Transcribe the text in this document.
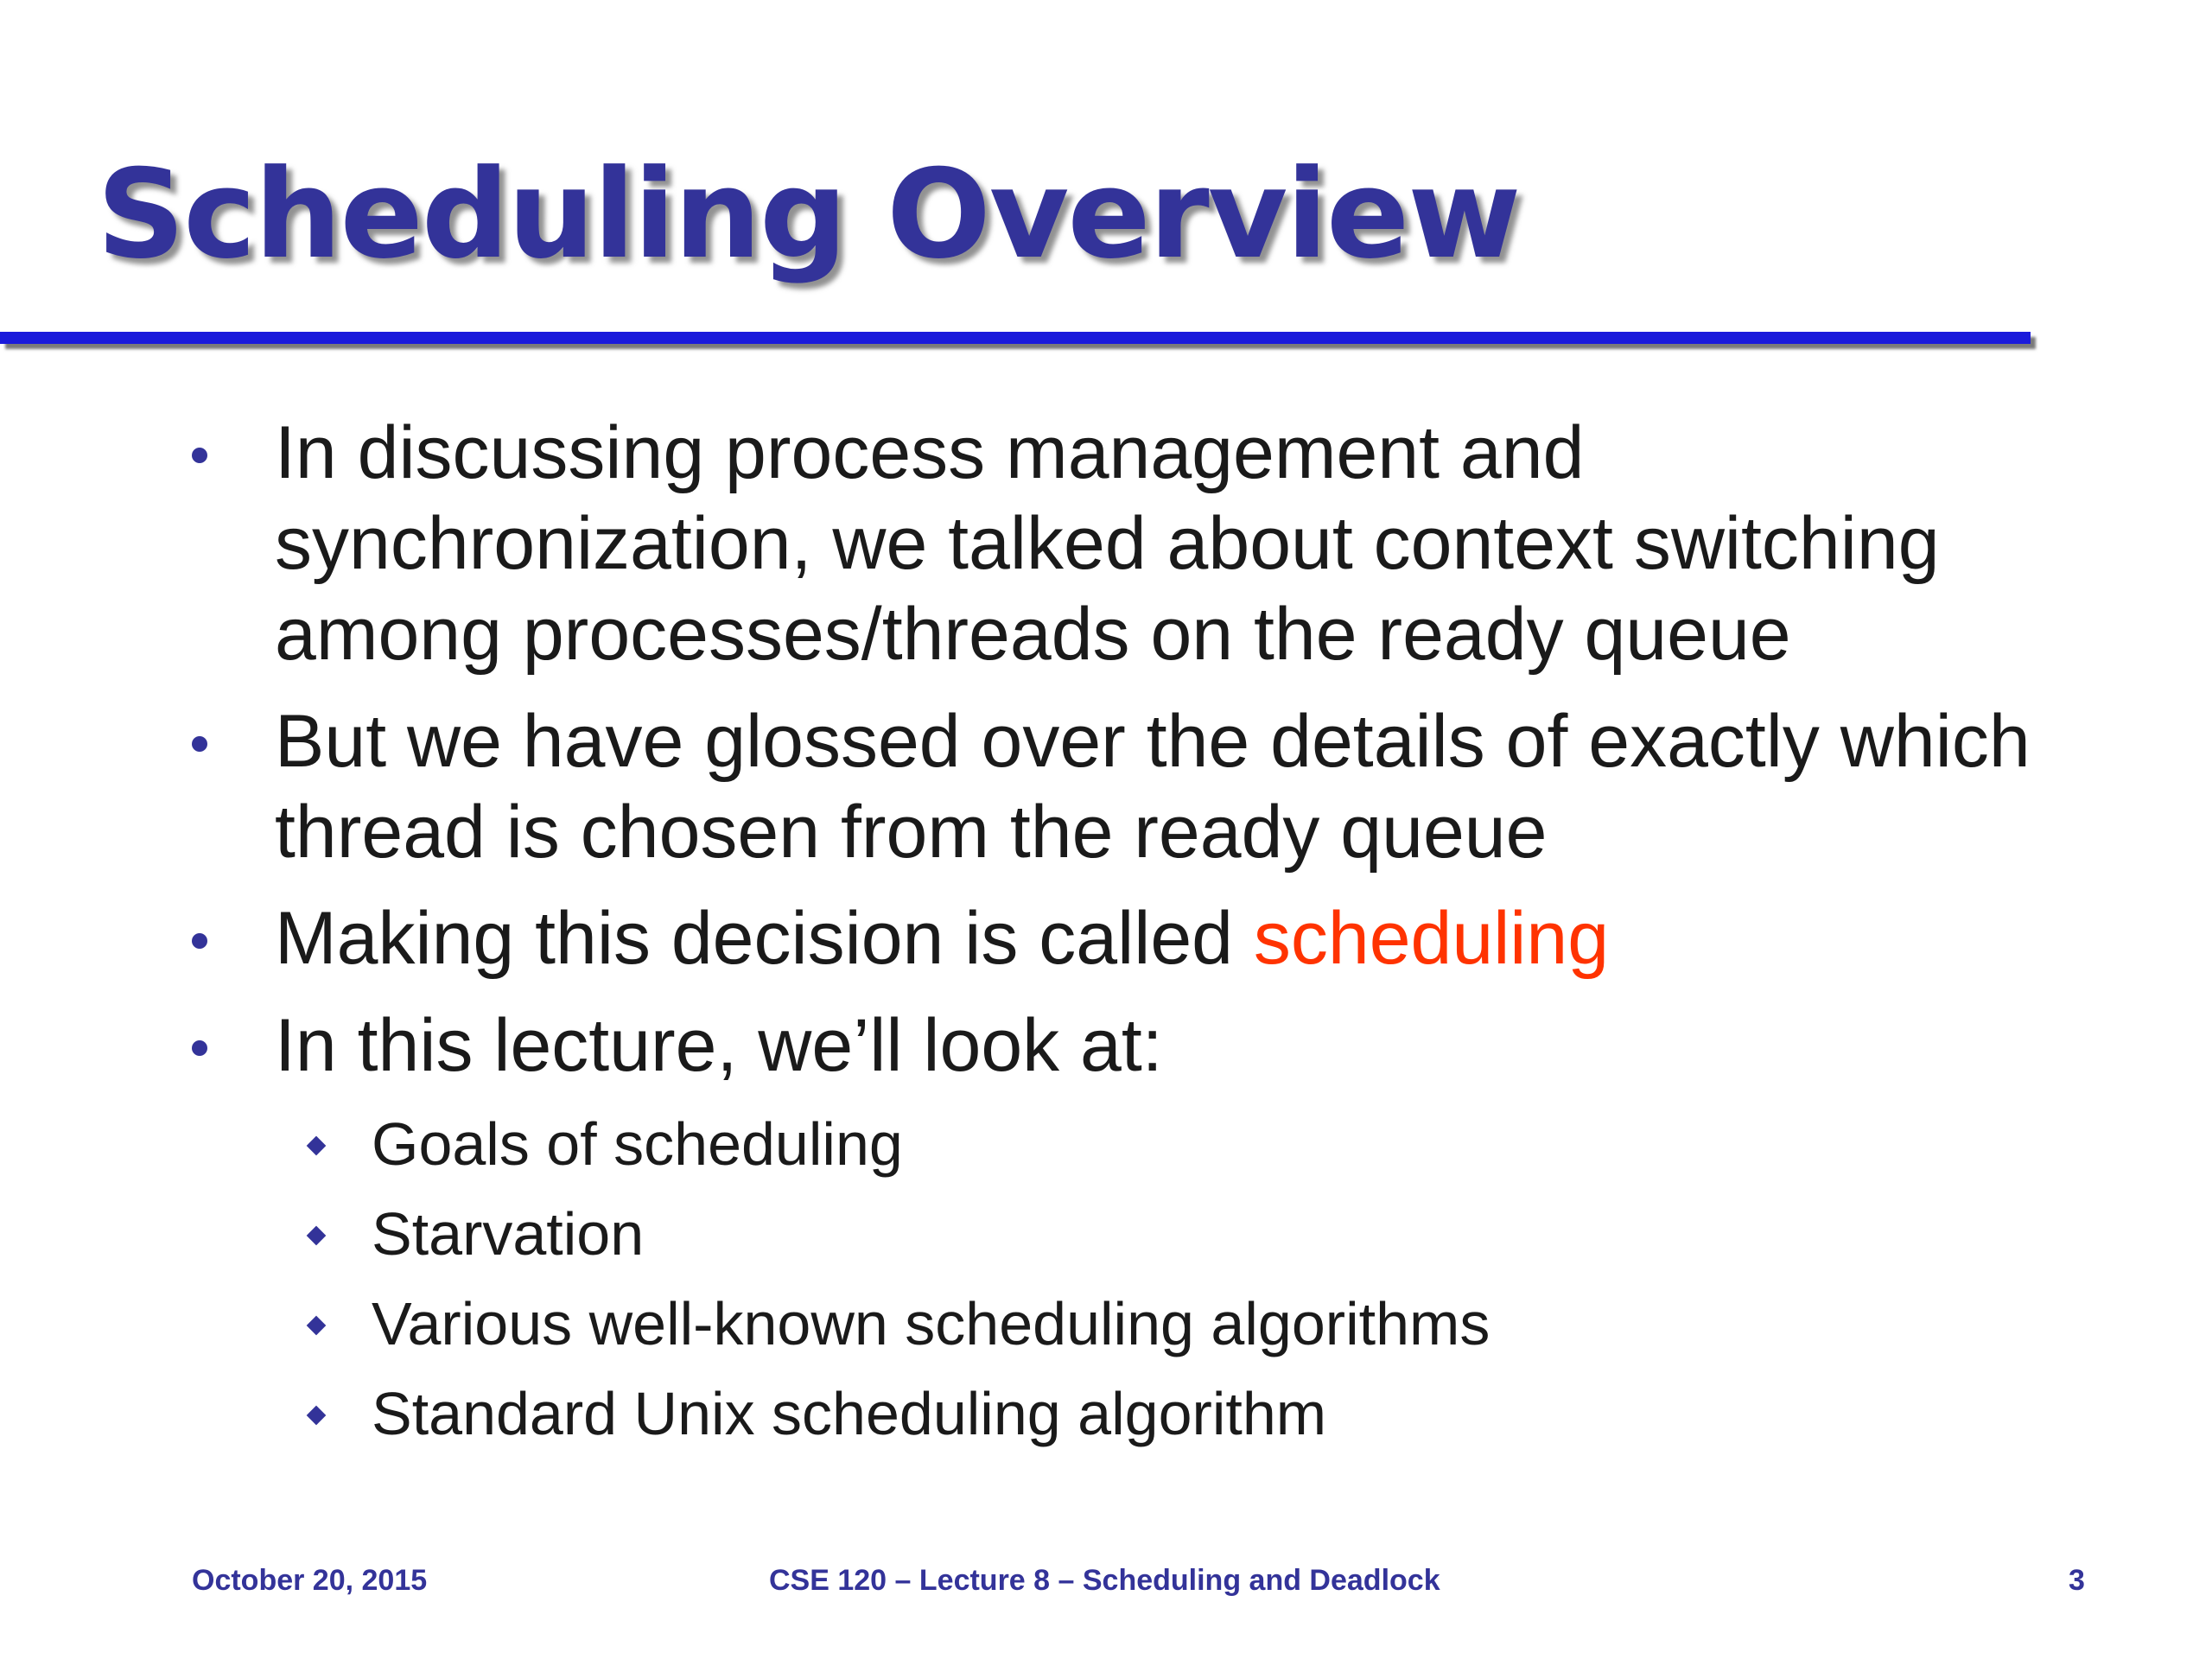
Scheduling Overview
In discussing process management and
synchronization, we talked about context switching
among processes/threads on the ready queue
But we have glossed over the details of exactly which
thread is chosen from the ready queue
Making this decision is called scheduling
In this lecture, we’ll look at:
Goals of scheduling
Starvation
Various well-known scheduling algorithms
Standard Unix scheduling algorithm
October 20, 2015	CSE 120 – Lecture 8 – Scheduling and Deadlock	3
